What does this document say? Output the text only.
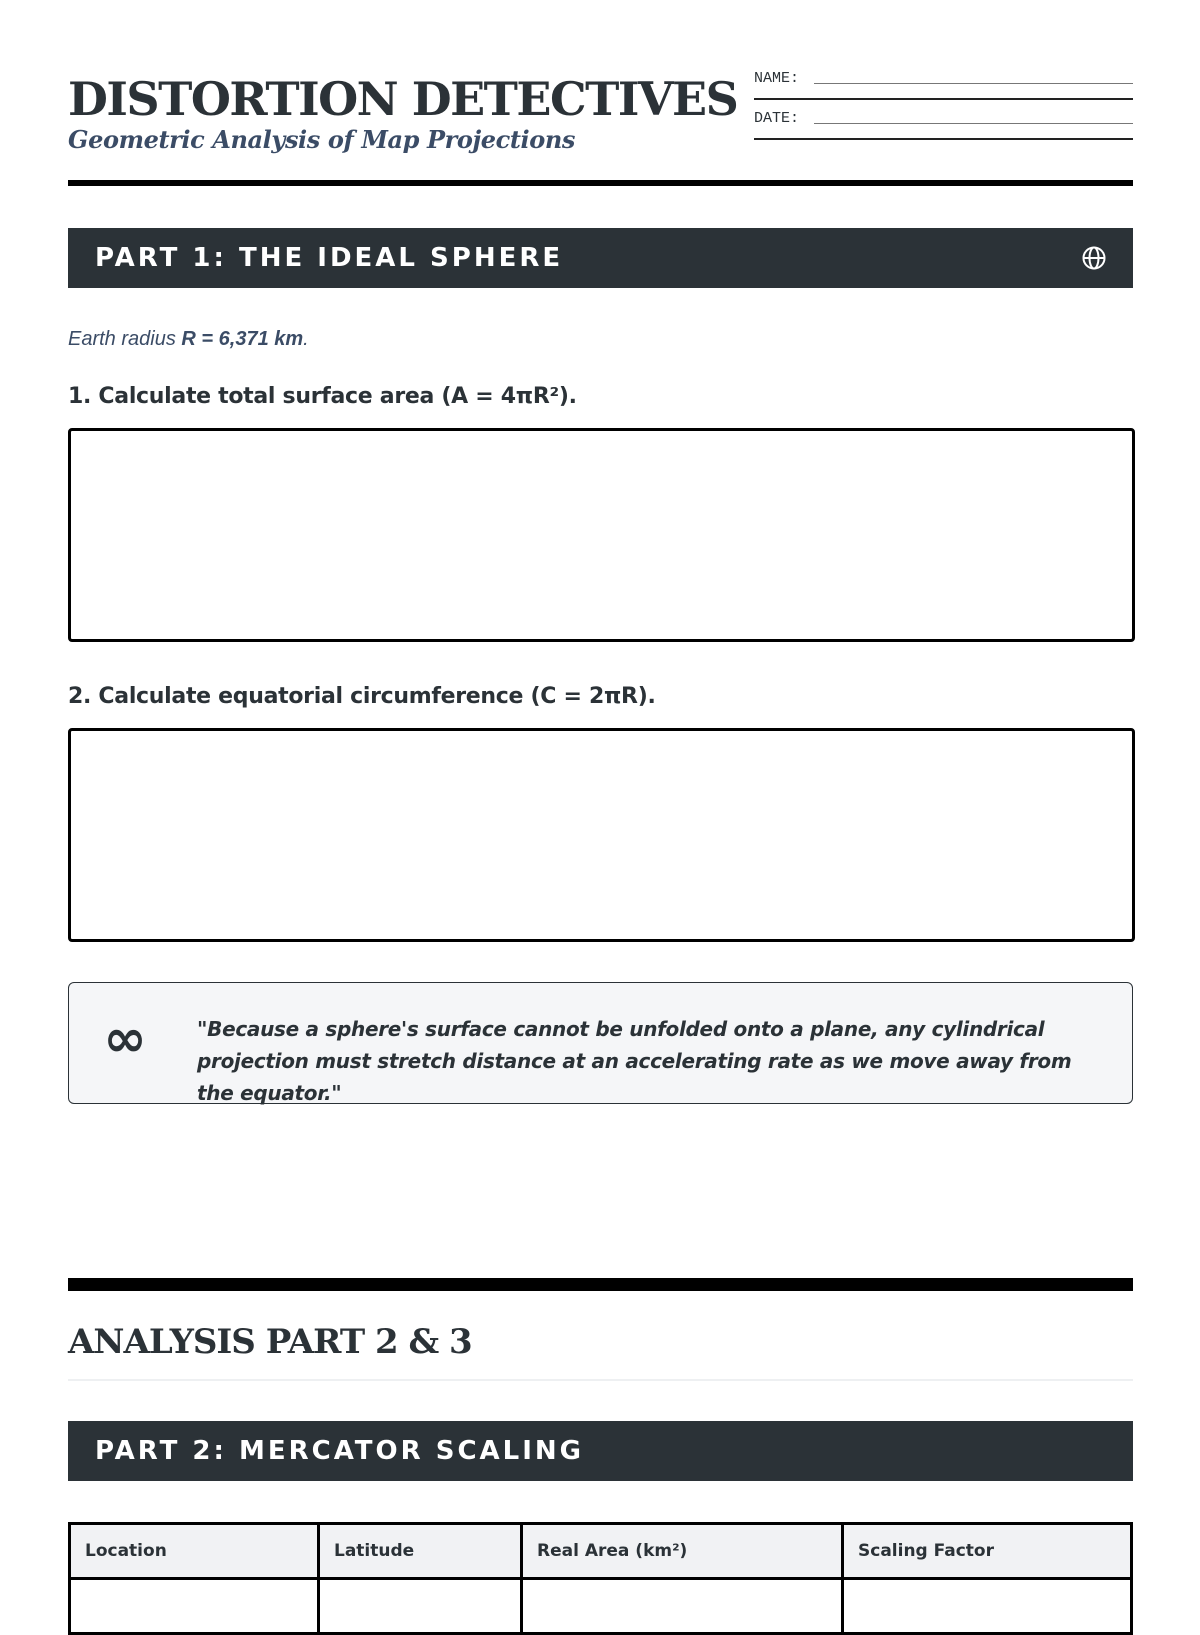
DISTORTION DETECTIVES
Geometric Analysis of Map Projections
NAME:
DATE:
PART 1: THE IDEAL SPHERE
Earth radius R = 6,371 km.
1. Calculate total surface area (A = 4πR²).
2. Calculate equatorial circumference (C = 2πR).
∞	"Because a sphere's surface cannot be unfolded onto a plane, any cylindrical projection must stretch distance at an accelerating rate as we move away from the equator."
ANALYSIS PART 2 & 3
PART 2: MERCATOR SCALING
Location	Latitude	Real Area (km²)	Scaling Factor
